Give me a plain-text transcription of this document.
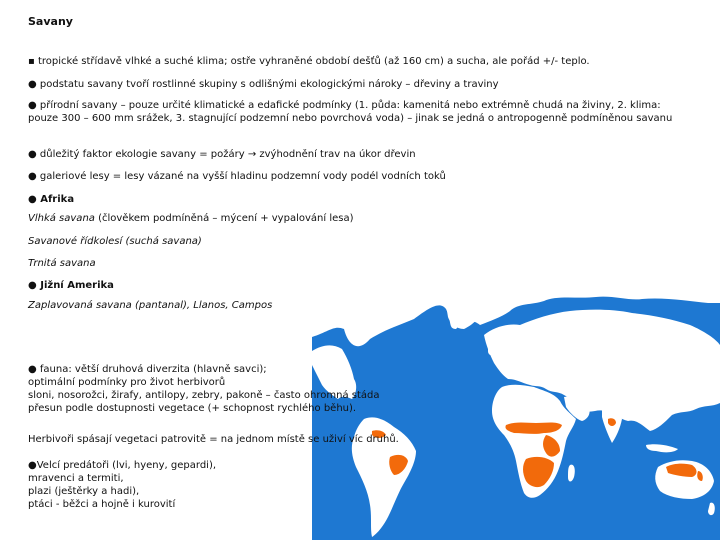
Savany
▪ tropické střídavě vlhké a suché klima; ostře vyhraněné období dešťů (až 160 cm) a sucha, ale pořád +/- teplo.
● podstatu savany tvoří rostlinné skupiny s odlišnými ekologickými nároky – dřeviny a traviny
● přírodní savany – pouze určité klimatické a edafické podmínky (1. půda: kamenitá nebo extrémně chudá na živiny, 2. klima: pouze 300 – 600 mm srážek, 3. stagnující podzemní nebo povrchová voda) – jinak se jedná o antropogenně podmíněnou savanu
● důležitý faktor ekologie savany = požáry → zvýhodnění trav na úkor dřevin
● galeriové lesy = lesy vázané na vyšší hladinu podzemní vody podél vodních toků
● Afrika
Vlhká savana (člověkem podmíněná – mýcení + vypalování lesa)
Savanové řídkolesí (suchá savana)
Trnitá savana
● Jižní Amerika
Zaplavovaná savana (pantanal), Llanos, Campos
● fauna: větší druhová diverzita (hlavně savci);
optimální podmínky pro život herbivorů
sloni, nosorožci, žirafy, antilopy, zebry, pakoně – často ohromná stáda
přesun podle dostupnosti vegetace (+ schopnost rychlého běhu).
Herbivoři spásají vegetaci patrovitě = na jednom místě se uživí víc druhů.
●Velcí predátoři (lvi, hyeny, gepardi),
mravenci a termiti,
plazi (ještěrky a hadi),
ptáci - běžci a hojně i kurovití
